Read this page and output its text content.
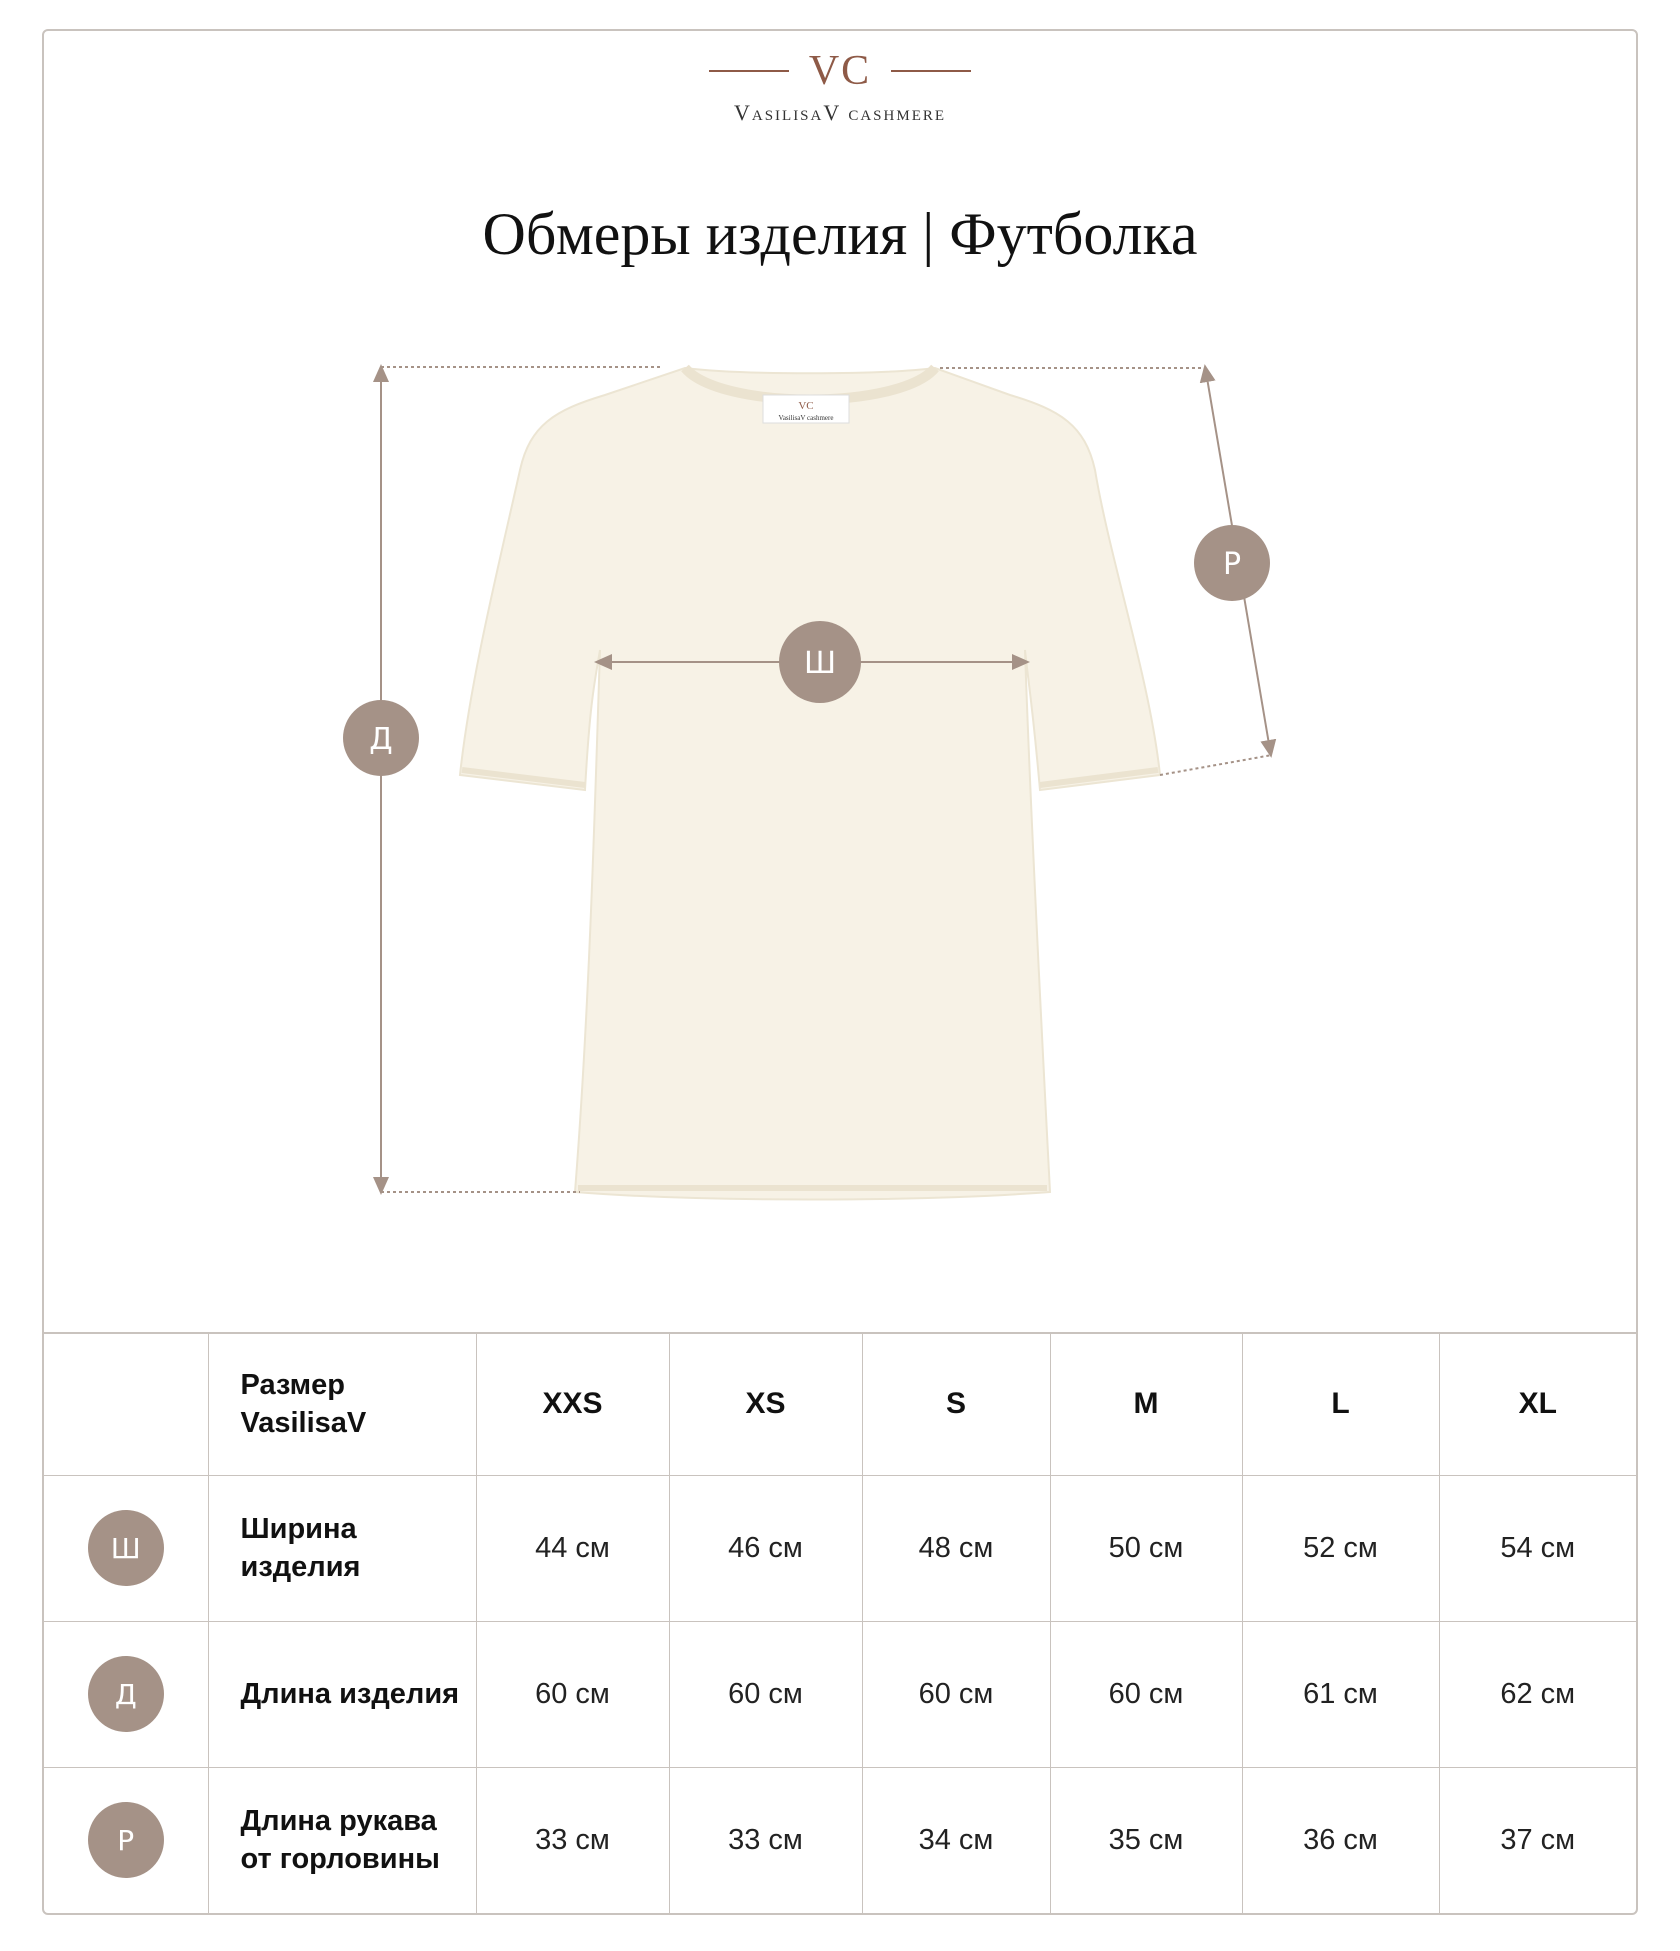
VC
VasilisaV cashmere
Обмеры изделия | Футболка
VC
VasilisaV cashmere
Д
Ш
Р
	Размер VasilisaV	XXS	XS	S	M	L	XL
Ш	Ширина изделия	44 см	46 см	48 см	50 см	52 см	54 см
Д	Длина изделия	60 см	60 см	60 см	60 см	61 см	62 см
Р	Длина рукава от горловины	33 см	33 см	34 см	35 см	36 см	37 см
